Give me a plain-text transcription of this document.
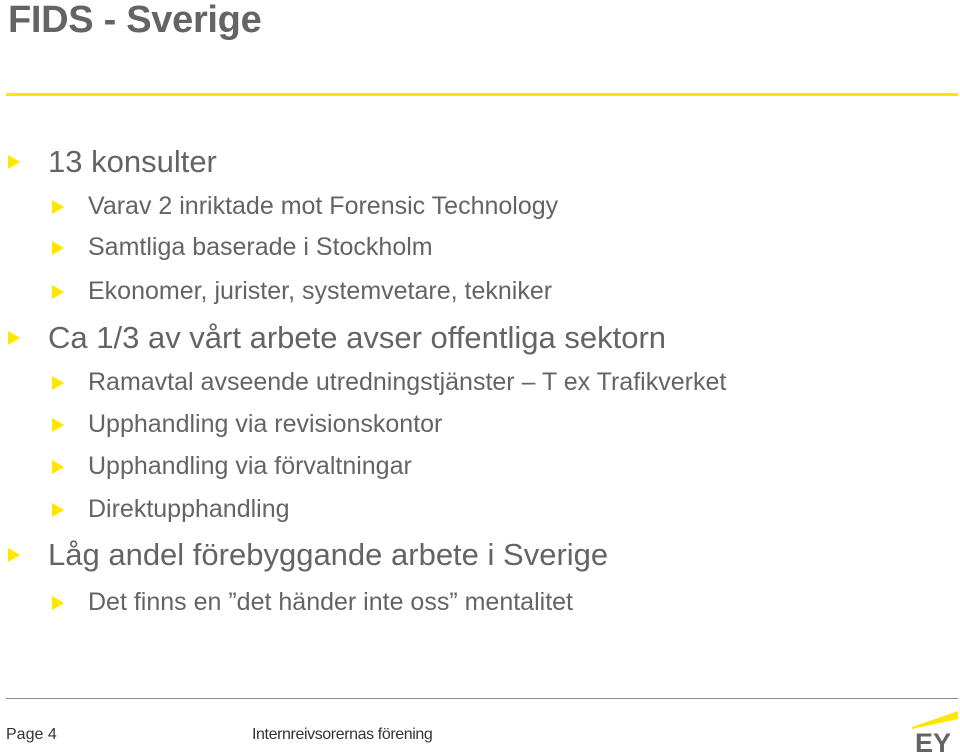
FIDS - Sverige
13 konsulter
Varav 2 inriktade mot Forensic Technology
Samtliga baserade i Stockholm
Ekonomer, jurister, systemvetare, tekniker
Ca 1/3 av vårt arbete avser offentliga sektorn
Ramavtal avseende utredningstjänster – T ex Trafikverket
Upphandling via revisionskontor
Upphandling via förvaltningar
Direktupphandling
Låg andel förebyggande arbete i Sverige
Det finns en ”det händer inte oss” mentalitet
Page 4	Internreivsorernas förening	EY
